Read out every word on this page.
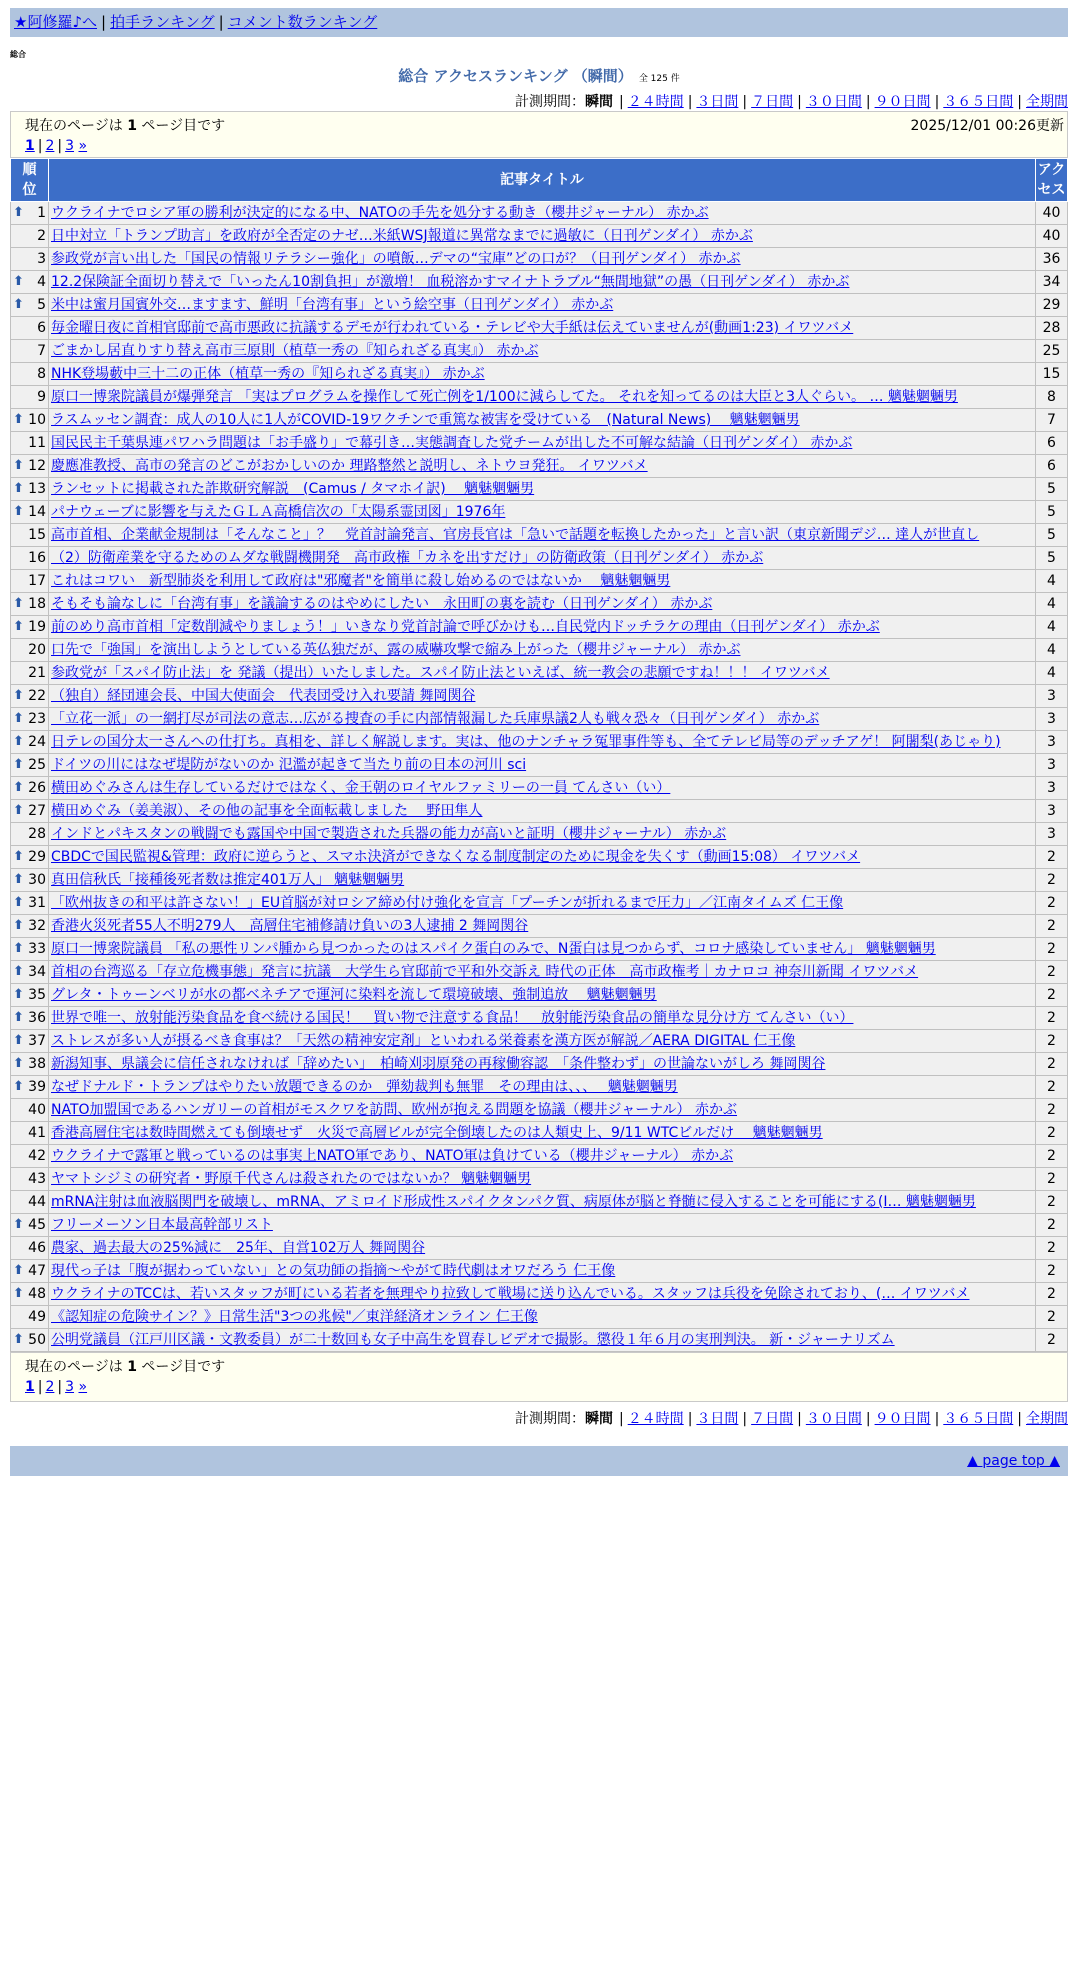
★阿修羅♪へ | 拍手ランキング | コメント数ランキング
総合
総合 アクセスランキング （瞬間） 全 125 件
計測期間：瞬間 | ２４時間 | ３日間 | ７日間 | ３０日間 | ９０日間 | ３６５日間 | 全期間
現在のページは 1 ページ目です	2025/12/01 00:26更新
1 | 2 | 3 »
順位	記事タイトル	アクセス

⬆ 1	ウクライナでロシア軍の勝利が決定的になる中、NATOの手先を処分する動き（櫻井ジャーナル） 赤かぶ	40
2	日中対立「トランプ助言」を政府が全否定のナゼ…米紙WSJ報道に異常なまでに過敏に（日刊ゲンダイ） 赤かぶ	40
3	参政党が言い出した「国民の情報リテラシー強化」の噴飯…デマの“宝庫”どの口が？（日刊ゲンダイ） 赤かぶ	36

⬆ 4	12.2保険証全面切り替えで「いったん10割負担」が激増！ 血税溶かすマイナトラブル“無間地獄”の愚（日刊ゲンダイ） 赤かぶ	34

⬆ 5	米中は蜜月国賓外交…ますます、鮮明「台湾有事」という絵空事（日刊ゲンダイ） 赤かぶ	29
6	毎金曜日夜に首相官邸前で高市悪政に抗議するデモが行われている・テレビや大手紙は伝えていませんが(動画1:23) イワツバメ	28
7	ごまかし居直りすり替え高市三原則（植草一秀の『知られざる真実』） 赤かぶ	25
8	NHK登場藪中三十二の正体（植草一秀の『知られざる真実』） 赤かぶ	15
9	原口一博衆院議員が爆弾発言 「実はプログラムを操作して死亡例を1/100に減らしてた。 それを知ってるのは大臣と3人ぐらい。 … 魑魅魍魎男	8

⬆ 10	ラスムッセン調査：成人の10人に1人がCOVID-19ワクチンで重篤な被害を受けている　(Natural News)　 魑魅魍魎男	7
11	国民民主千葉県連パワハラ問題は「お手盛り」で幕引き…実態調査した党チームが出した不可解な結論（日刊ゲンダイ） 赤かぶ	6

⬆ 12	慶應准教授、高市の発言のどこがおかしいのか 理路整然と説明し、ネトウヨ発狂。 イワツバメ	6

⬆ 13	ランセットに掲載された詐欺研究解説　(Camus / タマホイ訳)　 魑魅魍魎男	5

⬆ 14	パナウェーブに影響を与えたＧＬＡ高橋信次の「太陽系霊団図」1976年	5
15	高市首相、企業献金規制は「そんなこと」？　党首討論発言、官房長官は「急いで話題を転換したかった」と言い訳（東京新聞デジ… 達人が世直し	5
16	（2）防衛産業を守るためのムダな戦闘機開発　高市政権「カネを出すだけ」の防衛政策（日刊ゲンダイ） 赤かぶ	5
17	これはコワい　新型肺炎を利用して政府は"邪魔者"を簡単に殺し始めるのではないか　 魑魅魍魎男	4

⬆ 18	そもそも論なしに「台湾有事」を議論するのはやめにしたい　永田町の裏を読む（日刊ゲンダイ） 赤かぶ	4

⬆ 19	前のめり高市首相「定数削減やりましょう！」いきなり党首討論で呼びかけも…自民党内ドッチラケの理由（日刊ゲンダイ） 赤かぶ	4
20	口先で「強国」を演出しようとしている英仏独だが、露の威嚇攻撃で縮み上がった（櫻井ジャーナル） 赤かぶ	4
21	参政党が「スパイ防止法」を 発議（提出）いたしました。スパイ防止法といえば、統一教会の悲願ですね！！！ イワツバメ	4

⬆ 22	（独自）経団連会長、中国大使面会　代表団受け入れ要請 舞岡関谷	3

⬆ 23	「立花一派」の一網打尽が司法の意志…広がる捜査の手に内部情報漏した兵庫県議2人も戦々恐々（日刊ゲンダイ） 赤かぶ	3

⬆ 24	日テレの国分太一さんへの仕打ち。真相を、詳しく解説します。実は、他のナンチャラ冤罪事件等も、全てテレビ局等のデッチアゲ！ 阿闍梨(あじゃり)	3

⬆ 25	ドイツの川にはなぜ堤防がないのか 氾濫が起きて当たり前の日本の河川 sci	3

⬆ 26	横田めぐみさんは生存しているだけではなく、金王朝のロイヤルファミリーの一員 てんさい（い）	3

⬆ 27	横田めぐみ（姜美淑）、その他の記事を全面転載しました　 野田隼人	3
28	インドとパキスタンの戦闘でも露国や中国で製造された兵器の能力が高いと証明（櫻井ジャーナル） 赤かぶ	3

⬆ 29	CBDCで国民監視&管理：政府に逆らうと、スマホ決済ができなくなる制度制定のために現金を失くす（動画15:08） イワツバメ	2

⬆ 30	真田信秋氏「接種後死者数は推定401万人」 魑魅魍魎男	2

⬆ 31	「欧州抜きの和平は許さない！」EU首脳が対ロシア締め付け強化を宣言「プーチンが折れるまで圧力」／江南タイムズ 仁王像	2

⬆ 32	香港火災死者55人不明279人　高層住宅補修請け負いの3人逮捕 2 舞岡関谷	2

⬆ 33	原口一博衆院議員 「私の悪性リンパ腫から見つかったのはスパイク蛋白のみで、N蛋白は見つからず、コロナ感染していません」 魑魅魍魎男	2

⬆ 34	首相の台湾巡る「存立危機事態」発言に抗議　大学生ら官邸前で平和外交訴え 時代の正体　高市政権考｜カナロコ 神奈川新聞 イワツバメ	2

⬆ 35	グレタ・トゥーンベリが水の都ベネチアで運河に染料を流して環境破壊、強制追放　 魑魅魍魎男	2

⬆ 36	世界で唯一、放射能汚染食品を食べ続ける国民！　買い物で注意する食品！　放射能汚染食品の簡単な見分け方 てんさい（い）	2

⬆ 37	ストレスが多い人が摂るべき食事は？「天然の精神安定剤」といわれる栄養素を漢方医が解説／AERA DIGITAL 仁王像	2

⬆ 38	新潟知事、県議会に信任されなければ「辞めたい」　柏崎刈羽原発の再稼働容認　「条件整わず」の世論ないがしろ 舞岡関谷	2

⬆ 39	なぜドナルド・トランプはやりたい放題できるのか　弾劾裁判も無罪　その理由は、、、　 魑魅魍魎男	2
40	NATO加盟国であるハンガリーの首相がモスクワを訪問、欧州が抱える問題を協議（櫻井ジャーナル） 赤かぶ	2
41	香港高層住宅は数時間燃えても倒壊せず　火災で高層ビルが完全倒壊したのは人類史上、9/11 WTCビルだけ　 魑魅魍魎男	2
42	ウクライナで露軍と戦っているのは事実上NATO軍であり、NATO軍は負けている（櫻井ジャーナル） 赤かぶ	2
43	ヤマトシジミの研究者・野原千代さんは殺されたのではないか？ 魑魅魍魎男	2
44	mRNA注射は血液脳関門を破壊し、mRNA、アミロイド形成性スパイクタンパク質、病原体が脳と脊髄に侵入することを可能にする(I… 魑魅魍魎男	2

⬆ 45	フリーメーソン日本最高幹部リスト	2
46	農家、過去最大の25%減に　25年、自営102万人 舞岡関谷	2

⬆ 47	現代っ子は「腹が据わっていない」との気功師の指摘〜やがて時代劇はオワだろう 仁王像	2

⬆ 48	ウクライナのTCCは、若いスタッフが町にいる若者を無理やり拉致して戦場に送り込んでいる。スタッフは兵役を免除されており、(… イワツバメ	2
49	《認知症の危険サイン？》日常生活"3つの兆候"／東洋経済オンライン 仁王像	2

⬆ 50	公明党議員（江戸川区議・文教委員）が二十数回も女子中高生を買春しビデオで撮影。懲役１年６月の実刑判決。 新・ジャーナリズム	2
現在のページは 1 ページ目です
1 | 2 | 3 »
計測期間：瞬間 | ２４時間 | ３日間 | ７日間 | ３０日間 | ９０日間 | ３６５日間 | 全期間
▲ page top ▲
